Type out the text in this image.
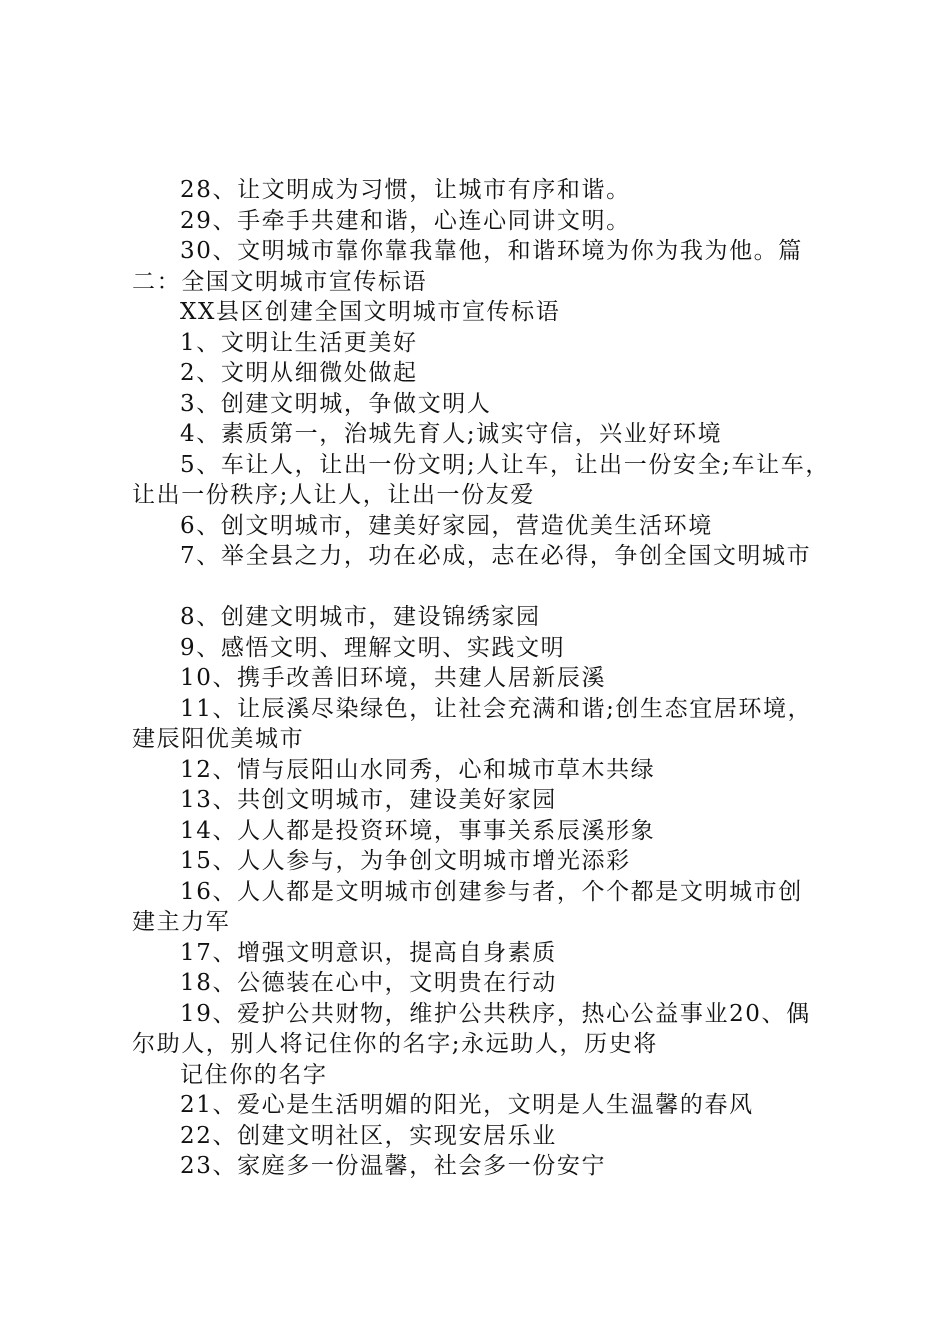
28、让文明成为习惯，让城市有序和谐。
29、手牵手共建和谐，心连心同讲文明。
30、文明城市靠你靠我靠他，和谐环境为你为我为他。篇
二：全国文明城市宣传标语
XX县区创建全国文明城市宣传标语
1、文明让生活更美好
2、文明从细微处做起
3、创建文明城，争做文明人
4、素质第一，治城先育人;诚实守信，兴业好环境
5、车让人，让出一份文明;人让车，让出一份安全;车让车，
让出一份秩序;人让人，让出一份友爱
6、创文明城市，建美好家园，营造优美生活环境
7、举全县之力，功在必成，志在必得，争创全国文明城市
8、创建文明城市，建设锦绣家园
9、感悟文明、理解文明、实践文明
10、携手改善旧环境，共建人居新辰溪
11、让辰溪尽染绿色，让社会充满和谐;创生态宜居环境，
建辰阳优美城市
12、情与辰阳山水同秀，心和城市草木共绿
13、共创文明城市，建设美好家园
14、人人都是投资环境，事事关系辰溪形象
15、人人参与，为争创文明城市增光添彩
16、人人都是文明城市创建参与者，个个都是文明城市创
建主力军
17、增强文明意识，提高自身素质
18、公德装在心中，文明贵在行动
19、爱护公共财物，维护公共秩序，热心公益事业20、偶
尔助人，别人将记住你的名字;永远助人，历史将
记住你的名字
21、爱心是生活明媚的阳光，文明是人生温馨的春风
22、创建文明社区，实现安居乐业
23、家庭多一份温馨，社会多一份安宁
